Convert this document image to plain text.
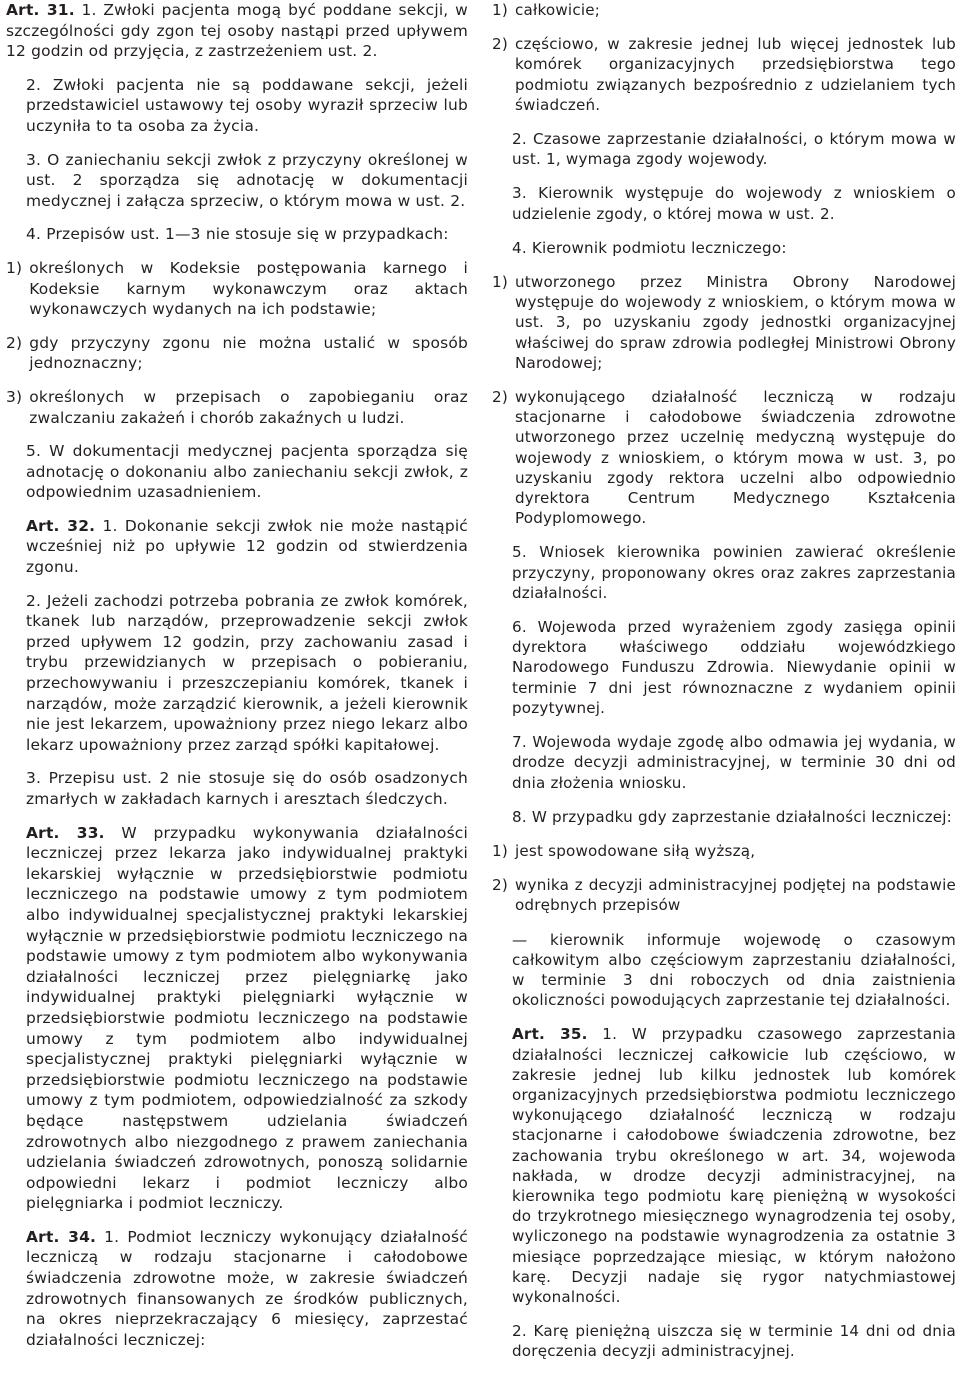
Art. 31. 1. Zwłoki pacjenta mogą być poddane sekcji, w szczególności gdy zgon tej osoby nastąpi przed upływem 12 godzin od przyjęcia, z zastrzeżeniem ust. 2.

2. Zwłoki pacjenta nie są poddawane sekcji, jeżeli przedstawiciel ustawowy tej osoby wyraził sprzeciw lub uczyniła to ta osoba za życia.

3. O zaniechaniu sekcji zwłok z przyczyny określonej w ust. 2 sporządza się adnotację w dokumentacji medycznej i załącza sprzeciw, o którym mowa w ust. 2.

4. Przepisów ust. 1—3 nie stosuje się w przypadkach:

1) określonych w Kodeksie postępowania karnego i Kodeksie karnym wykonawczym oraz aktach wykonawczych wydanych na ich podstawie;
2) gdy przyczyny zgonu nie można ustalić w sposób jednoznaczny;
3) określonych w przepisach o zapobieganiu oraz zwalczaniu zakażeń i chorób zakaźnych u ludzi.

5. W dokumentacji medycznej pacjenta sporządza się adnotację o dokonaniu albo zaniechaniu sekcji zwłok, z odpowiednim uzasadnieniem.

Art. 32. 1. Dokonanie sekcji zwłok nie może nastąpić wcześniej niż po upływie 12 godzin od stwierdzenia zgonu.

2. Jeżeli zachodzi potrzeba pobrania ze zwłok komórek, tkanek lub narządów, przeprowadzenie sekcji zwłok przed upływem 12 godzin, przy zachowaniu zasad i trybu przewidzianych w przepisach o pobieraniu, przechowywaniu i przeszczepianiu komórek, tkanek i narządów, może zarządzić kierownik, a jeżeli kierownik nie jest lekarzem, upoważniony przez niego lekarz albo lekarz upoważniony przez zarząd spółki kapitałowej.

3. Przepisu ust. 2 nie stosuje się do osób osadzonych zmarłych w zakładach karnych i aresztach śledczych.

Art. 33. W przypadku wykonywania działalności leczniczej przez lekarza jako indywidualnej praktyki lekarskiej wyłącznie w przedsiębiorstwie podmiotu leczniczego na podstawie umowy z tym podmiotem albo indywidualnej specjalistycznej praktyki lekarskiej wyłącznie w przedsiębiorstwie podmiotu leczniczego na podstawie umowy z tym podmiotem albo wykonywania działalności leczniczej przez pielęgniarkę jako indywidualnej praktyki pielęgniarki wyłącznie w przedsiębiorstwie podmiotu leczniczego na podstawie umowy z tym podmiotem albo indywidualnej specjalistycznej praktyki pielęgniarki wyłącznie w przedsiębiorstwie podmiotu leczniczego na podstawie umowy z tym podmiotem, odpowiedzialność za szkody będące następstwem udzielania świadczeń zdrowotnych albo niezgodnego z prawem zaniechania udzielania świadczeń zdrowotnych, ponoszą solidarnie odpowiedni lekarz i podmiot leczniczy albo pielęgniarka i podmiot leczniczy.

Art. 34. 1. Podmiot leczniczy wykonujący działalność leczniczą w rodzaju stacjonarne i całodobowe świadczenia zdrowotne może, w zakresie świadczeń zdrowotnych finansowanych ze środków publicznych, na okres nieprzekraczający 6 miesięcy, zaprzestać działalności leczniczej:

1) całkowicie;
2) częściowo, w zakresie jednej lub więcej jednostek lub komórek organizacyjnych przedsiębiorstwa tego podmiotu związanych bezpośrednio z udzielaniem tych świadczeń.

2. Czasowe zaprzestanie działalności, o którym mowa w ust. 1, wymaga zgody wojewody.

3. Kierownik występuje do wojewody z wnioskiem o udzielenie zgody, o której mowa w ust. 2.

4. Kierownik podmiotu leczniczego:

1) utworzonego przez Ministra Obrony Narodowej występuje do wojewody z wnioskiem, o którym mowa w ust. 3, po uzyskaniu zgody jednostki organizacyjnej właściwej do spraw zdrowia podległej Ministrowi Obrony Narodowej;
2) wykonującego działalność leczniczą w rodzaju stacjonarne i całodobowe świadczenia zdrowotne utworzonego przez uczelnię medyczną występuje do wojewody z wnioskiem, o którym mowa w ust. 3, po uzyskaniu zgody rektora uczelni albo odpowiednio dyrektora Centrum Medycznego Kształcenia Podyplomowego.

5. Wniosek kierownika powinien zawierać określenie przyczyny, proponowany okres oraz zakres zaprzestania działalności.

6. Wojewoda przed wyrażeniem zgody zasięga opinii dyrektora właściwego oddziału wojewódzkiego Narodowego Funduszu Zdrowia. Niewydanie opinii w terminie 7 dni jest równoznaczne z wydaniem opinii pozytywnej.

7. Wojewoda wydaje zgodę albo odmawia jej wydania, w drodze decyzji administracyjnej, w terminie 30 dni od dnia złożenia wniosku.

8. W przypadku gdy zaprzestanie działalności leczniczej:

1) jest spowodowane siłą wyższą,
2) wynika z decyzji administracyjnej podjętej na podstawie odrębnych przepisów

— kierownik informuje wojewodę o czasowym całkowitym albo częściowym zaprzestaniu działalności, w terminie 3 dni roboczych od dnia zaistnienia okoliczności powodujących zaprzestanie tej działalności.

Art. 35. 1. W przypadku czasowego zaprzestania działalności leczniczej całkowicie lub częściowo, w zakresie jednej lub kilku jednostek lub komórek organizacyjnych przedsiębiorstwa podmiotu leczniczego wykonującego działalność leczniczą w rodzaju stacjonarne i całodobowe świadczenia zdrowotne, bez zachowania trybu określonego w art. 34, wojewoda nakłada, w drodze decyzji administracyjnej, na kierownika tego podmiotu karę pieniężną w wysokości do trzykrotnego miesięcznego wynagrodzenia tej osoby, wyliczonego na podstawie wynagrodzenia za ostatnie 3 miesiące poprzedzające miesiąc, w którym nałożono karę. Decyzji nadaje się rygor natychmiastowej wykonalności.

2. Karę pieniężną uiszcza się w terminie 14 dni od dnia doręczenia decyzji administracyjnej.
